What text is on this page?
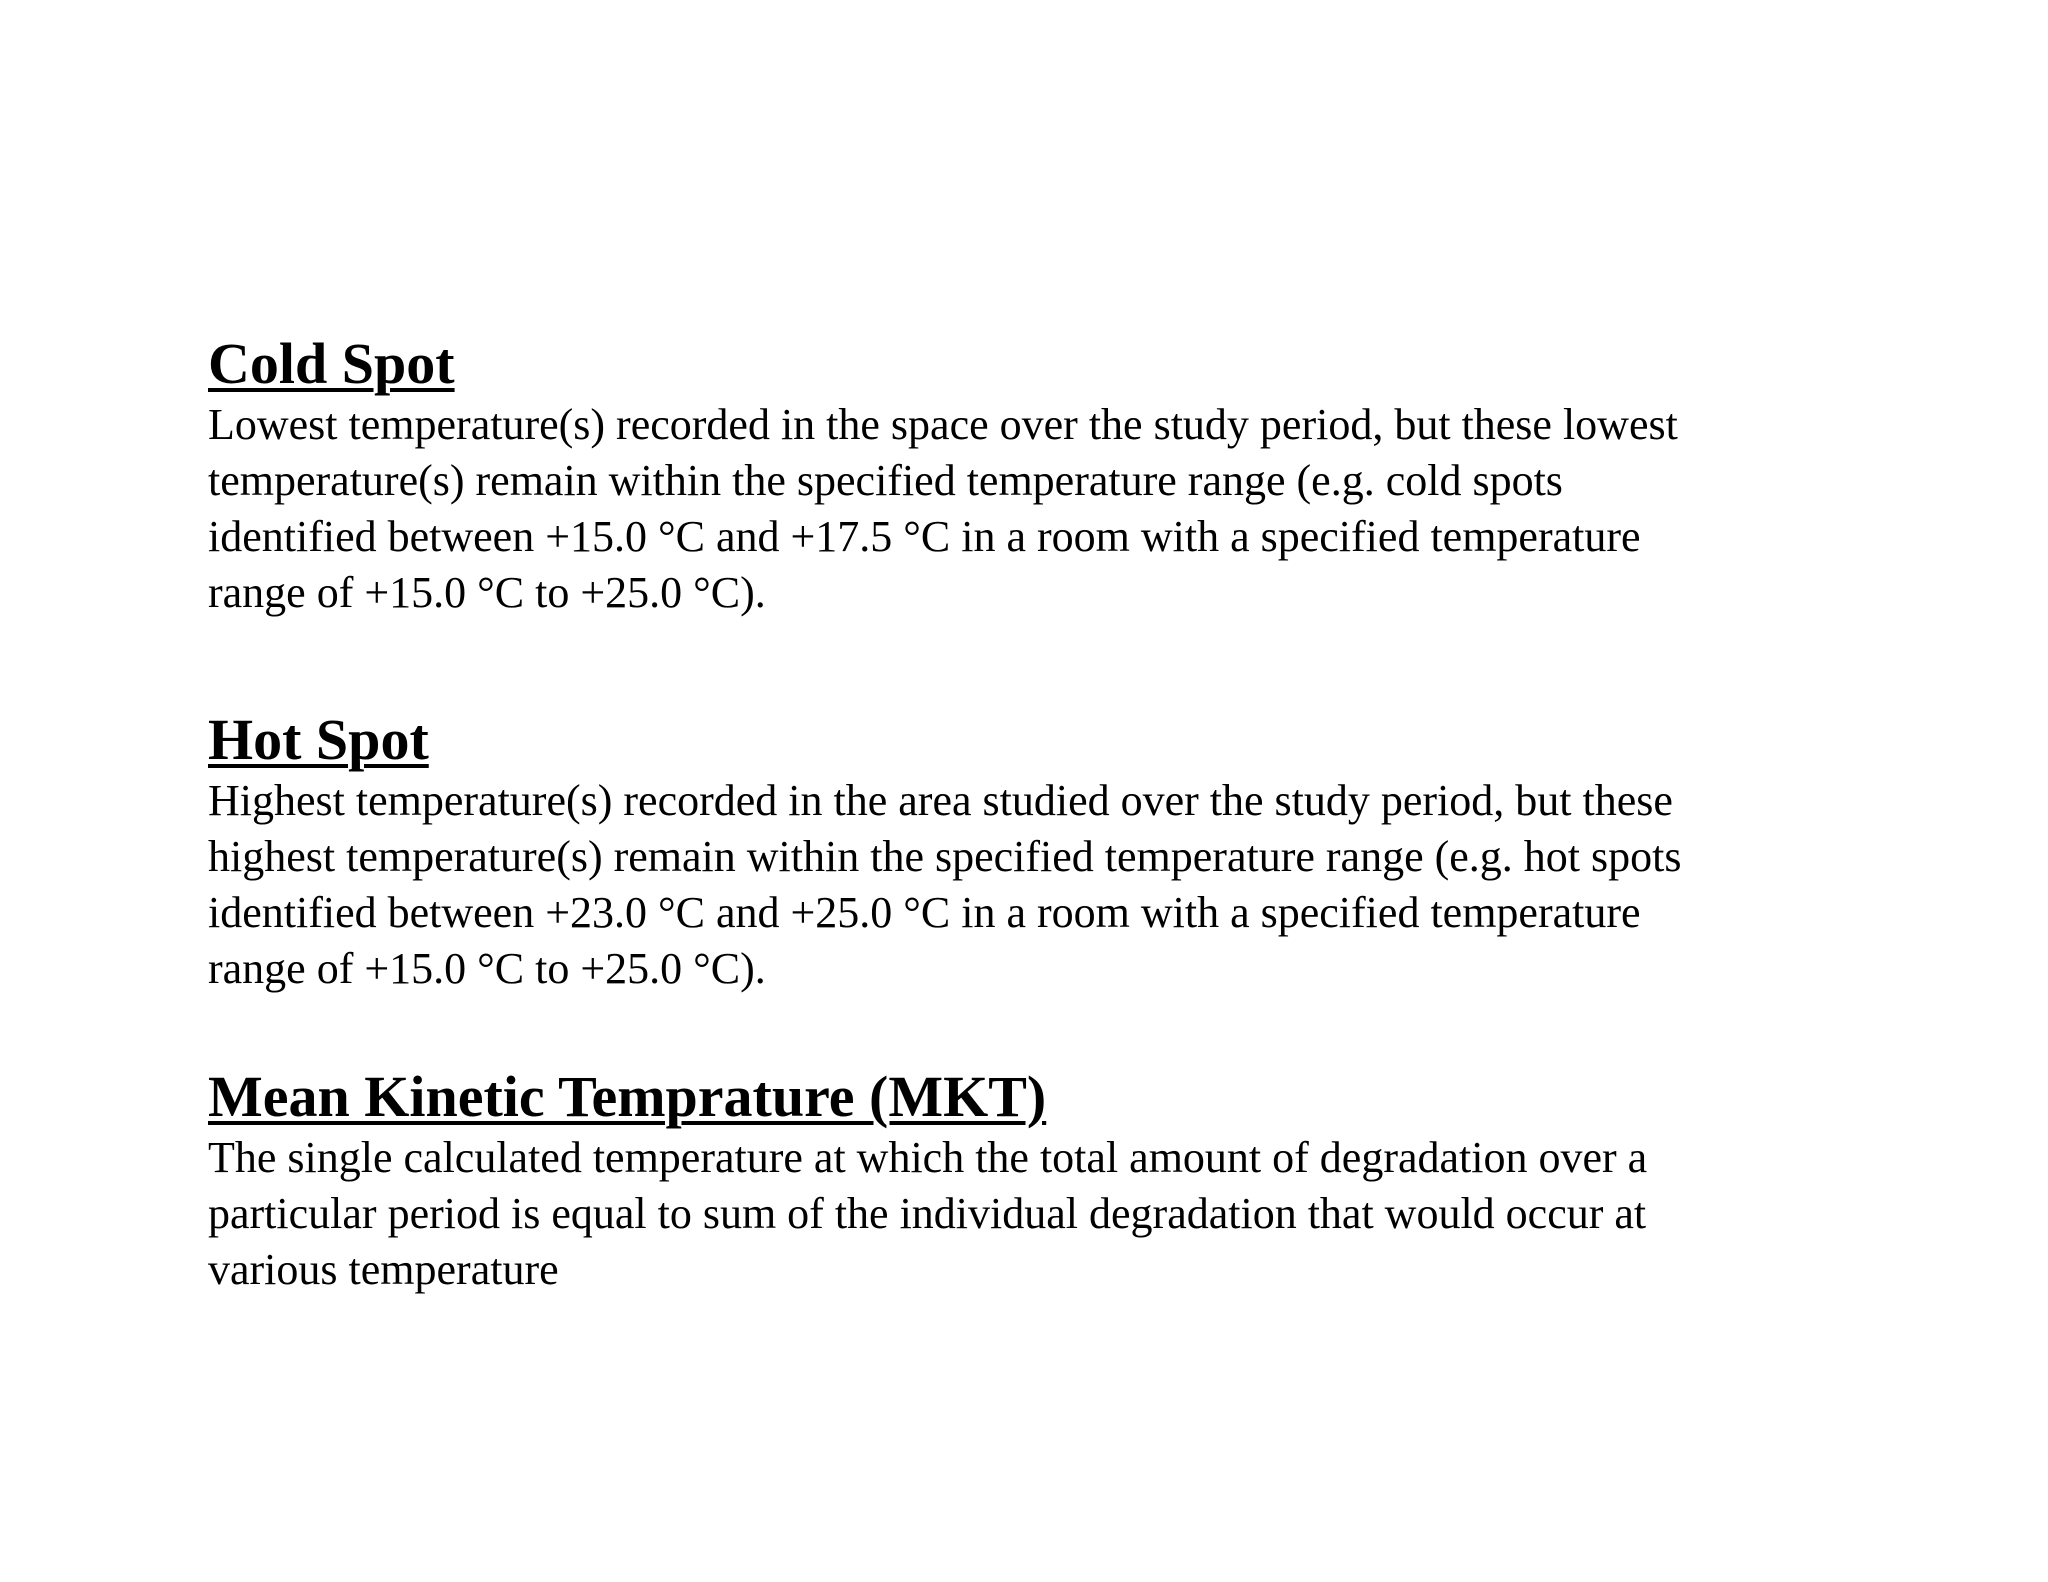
Cold Spot

Lowest temperature(s) recorded in the space over the study period, but these lowest
temperature(s) remain within the specified temperature range (e.g. cold spots
identified between +15.0 °C and +17.5 °C in a room with a specified temperature
range of +15.0 °C to +25.0 °C).

Hot Spot

Highest temperature(s) recorded in the area studied over the study period, but these
highest temperature(s) remain within the specified temperature range (e.g. hot spots
identified between +23.0 °C and +25.0 °C in a room with a specified temperature
range of +15.0 °C to +25.0 °C).

Mean Kinetic Temprature (MKT)

The single calculated temperature at which the total amount of degradation over a
particular period is equal to sum of the individual degradation that would occur at
various temperature
